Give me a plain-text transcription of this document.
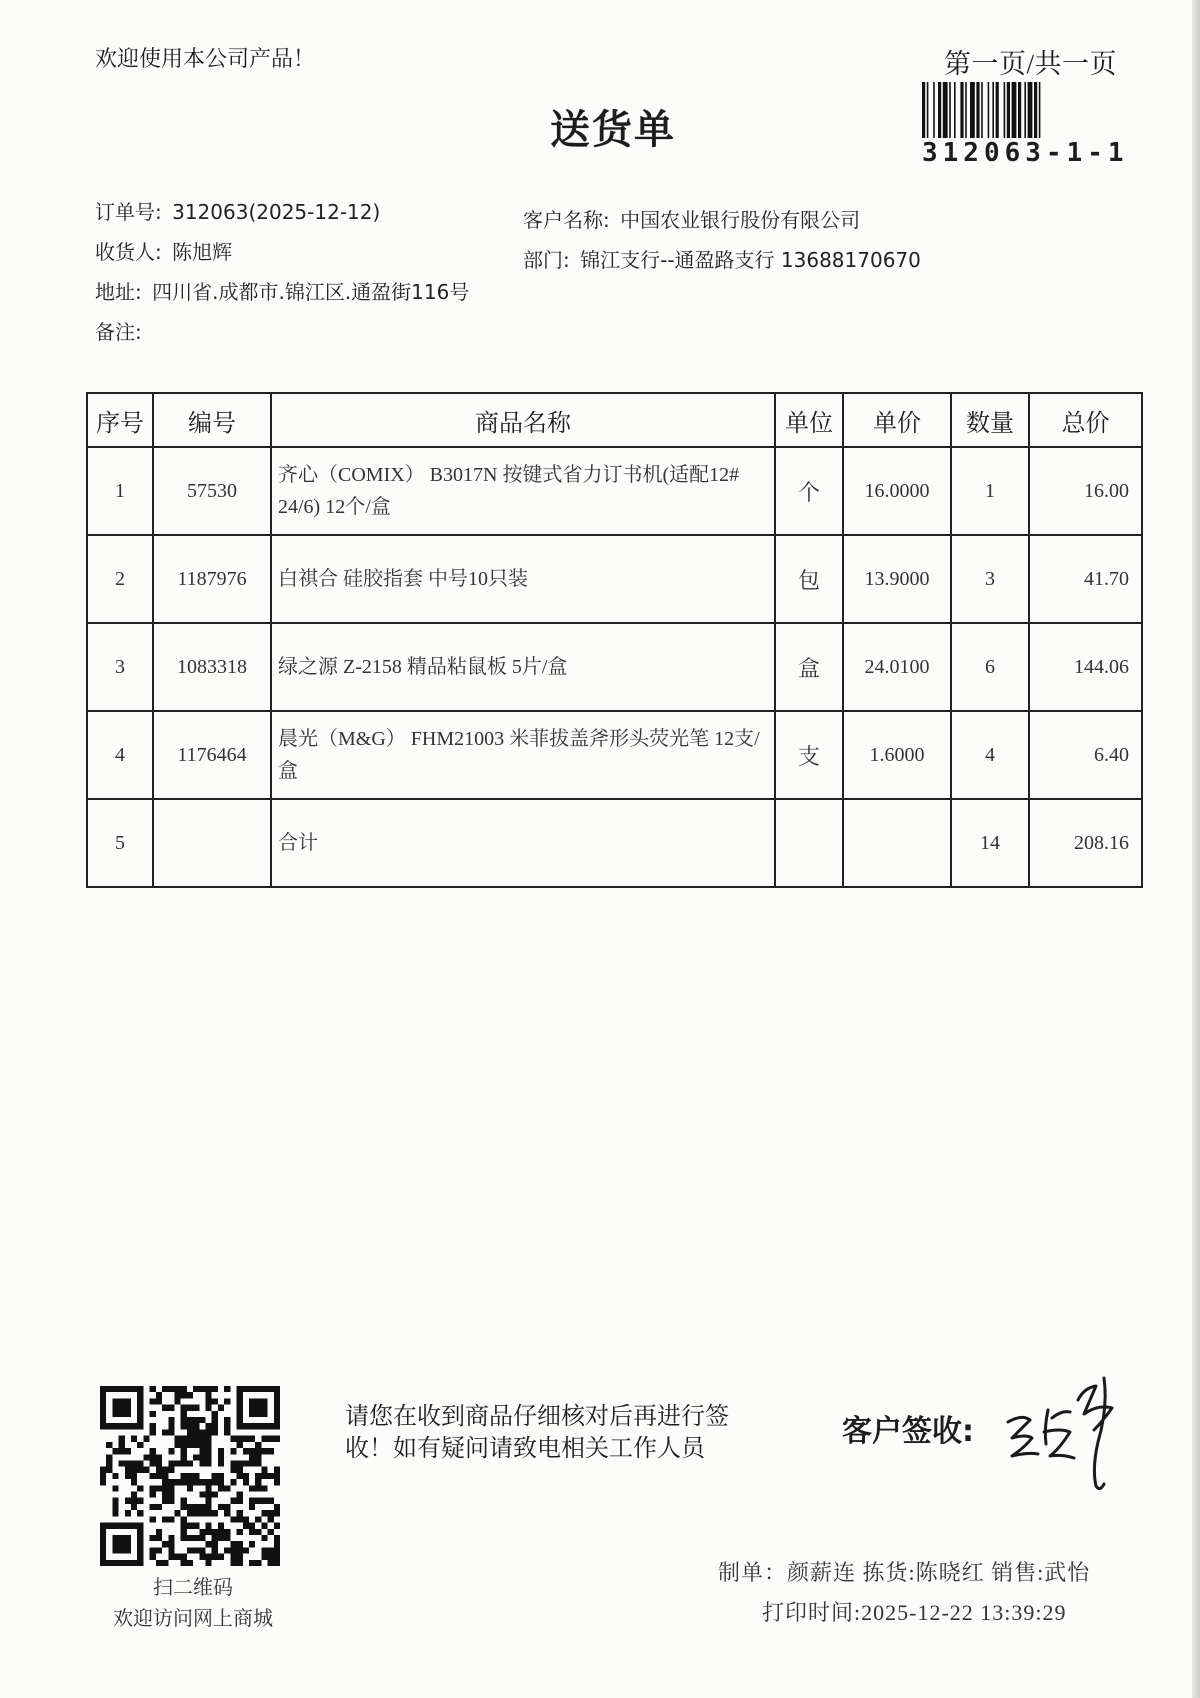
欢迎使用本公司产品！	第一页/共一页
送货单	312063-1-1
订单号: 312063(2025-12-12)
收货人: 陈旭辉
地址: 四川省.成都市.锦江区.通盈街116号
备注:
客户名称: 中国农业银行股份有限公司
部门: 锦江支行--通盈路支行 13688170670
序号	编号	商品名称	单位	单价	数量	总价
1	57530	齐心（COMIX） B3017N 按键式省力订书机(适配12# 24/6) 12个/盒	个	16.0000	1	16.00
2	1187976	白祺合 硅胶指套 中号10只装	包	13.9000	3	41.70
3	1083318	绿之源 Z-2158 精品粘鼠板 5片/盒	盒	24.0100	6	144.06
4	1176464	晨光（M&G） FHM21003 米菲拔盖斧形头荧光笔 12支/盒	支	1.6000	4	6.40
5		合计			14	208.16
扫二维码
欢迎访问网上商城
请您在收到商品仔细核对后再进行签收！如有疑问请致电相关工作人员	客户签收:
制单：颜薪连 拣货:陈晓红 销售:武怡
打印时间:2025-12-22 13:39:29
